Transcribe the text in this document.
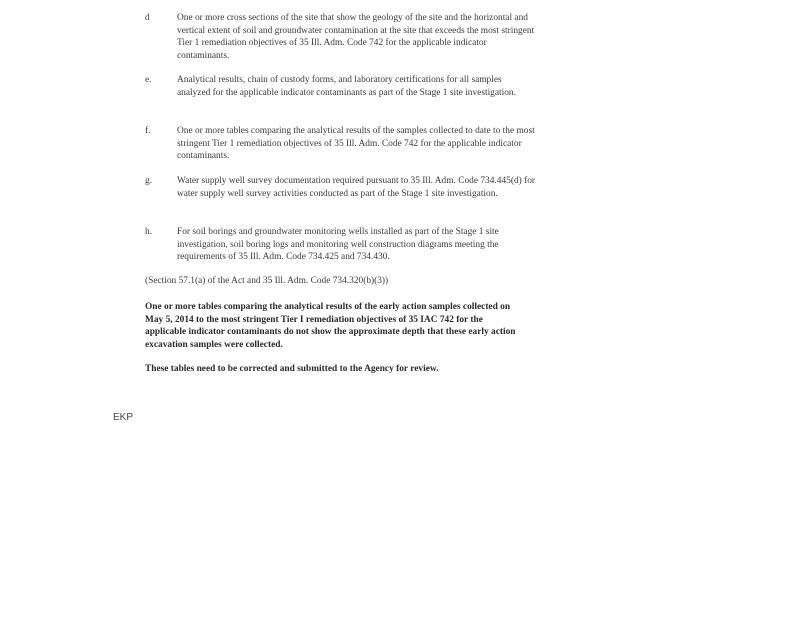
d	One or more cross sections of the site that show the geology of the site and the horizontal and vertical extent of soil and groundwater contamination at the site that exceeds the most stringent Tier 1 remediation objectives of 35 Ill. Adm. Code 742 for the applicable indicator contaminants.
e.	Analytical results, chain of custody forms, and laboratory certifications for all samples analyzed for the applicable indicator contaminants as part of the Stage 1 site investigation.
f.	One or more tables comparing the analytical results of the samples collected to date to the most stringent Tier 1 remediation objectives of 35 Ill. Adm. Code 742 for the applicable indicator contaminants.
g.	Water supply well survey documentation required pursuant to 35 Ill. Adm. Code 734.445(d) for water supply well survey activities conducted as part of the Stage 1 site investigation.
h.	For soil borings and groundwater monitoring wells installed as part of the Stage 1 site investigation, soil boring logs and monitoring well construction diagrams meeting the requirements of 35 Ill. Adm. Code 734.425 and 734.430.
(Section 57.1(a) of the Act and 35 Ill. Adm. Code 734.320(b)(3))
One or more tables comparing the analytical results of the early action samples collected on May 5, 2014 to the most stringent Tier I remediation objectives of 35 IAC 742 for the applicable indicator contaminants do not show the approximate depth that these early action excavation samples were collected.
These tables need to be corrected and submitted to the Agency for review.
EKP
